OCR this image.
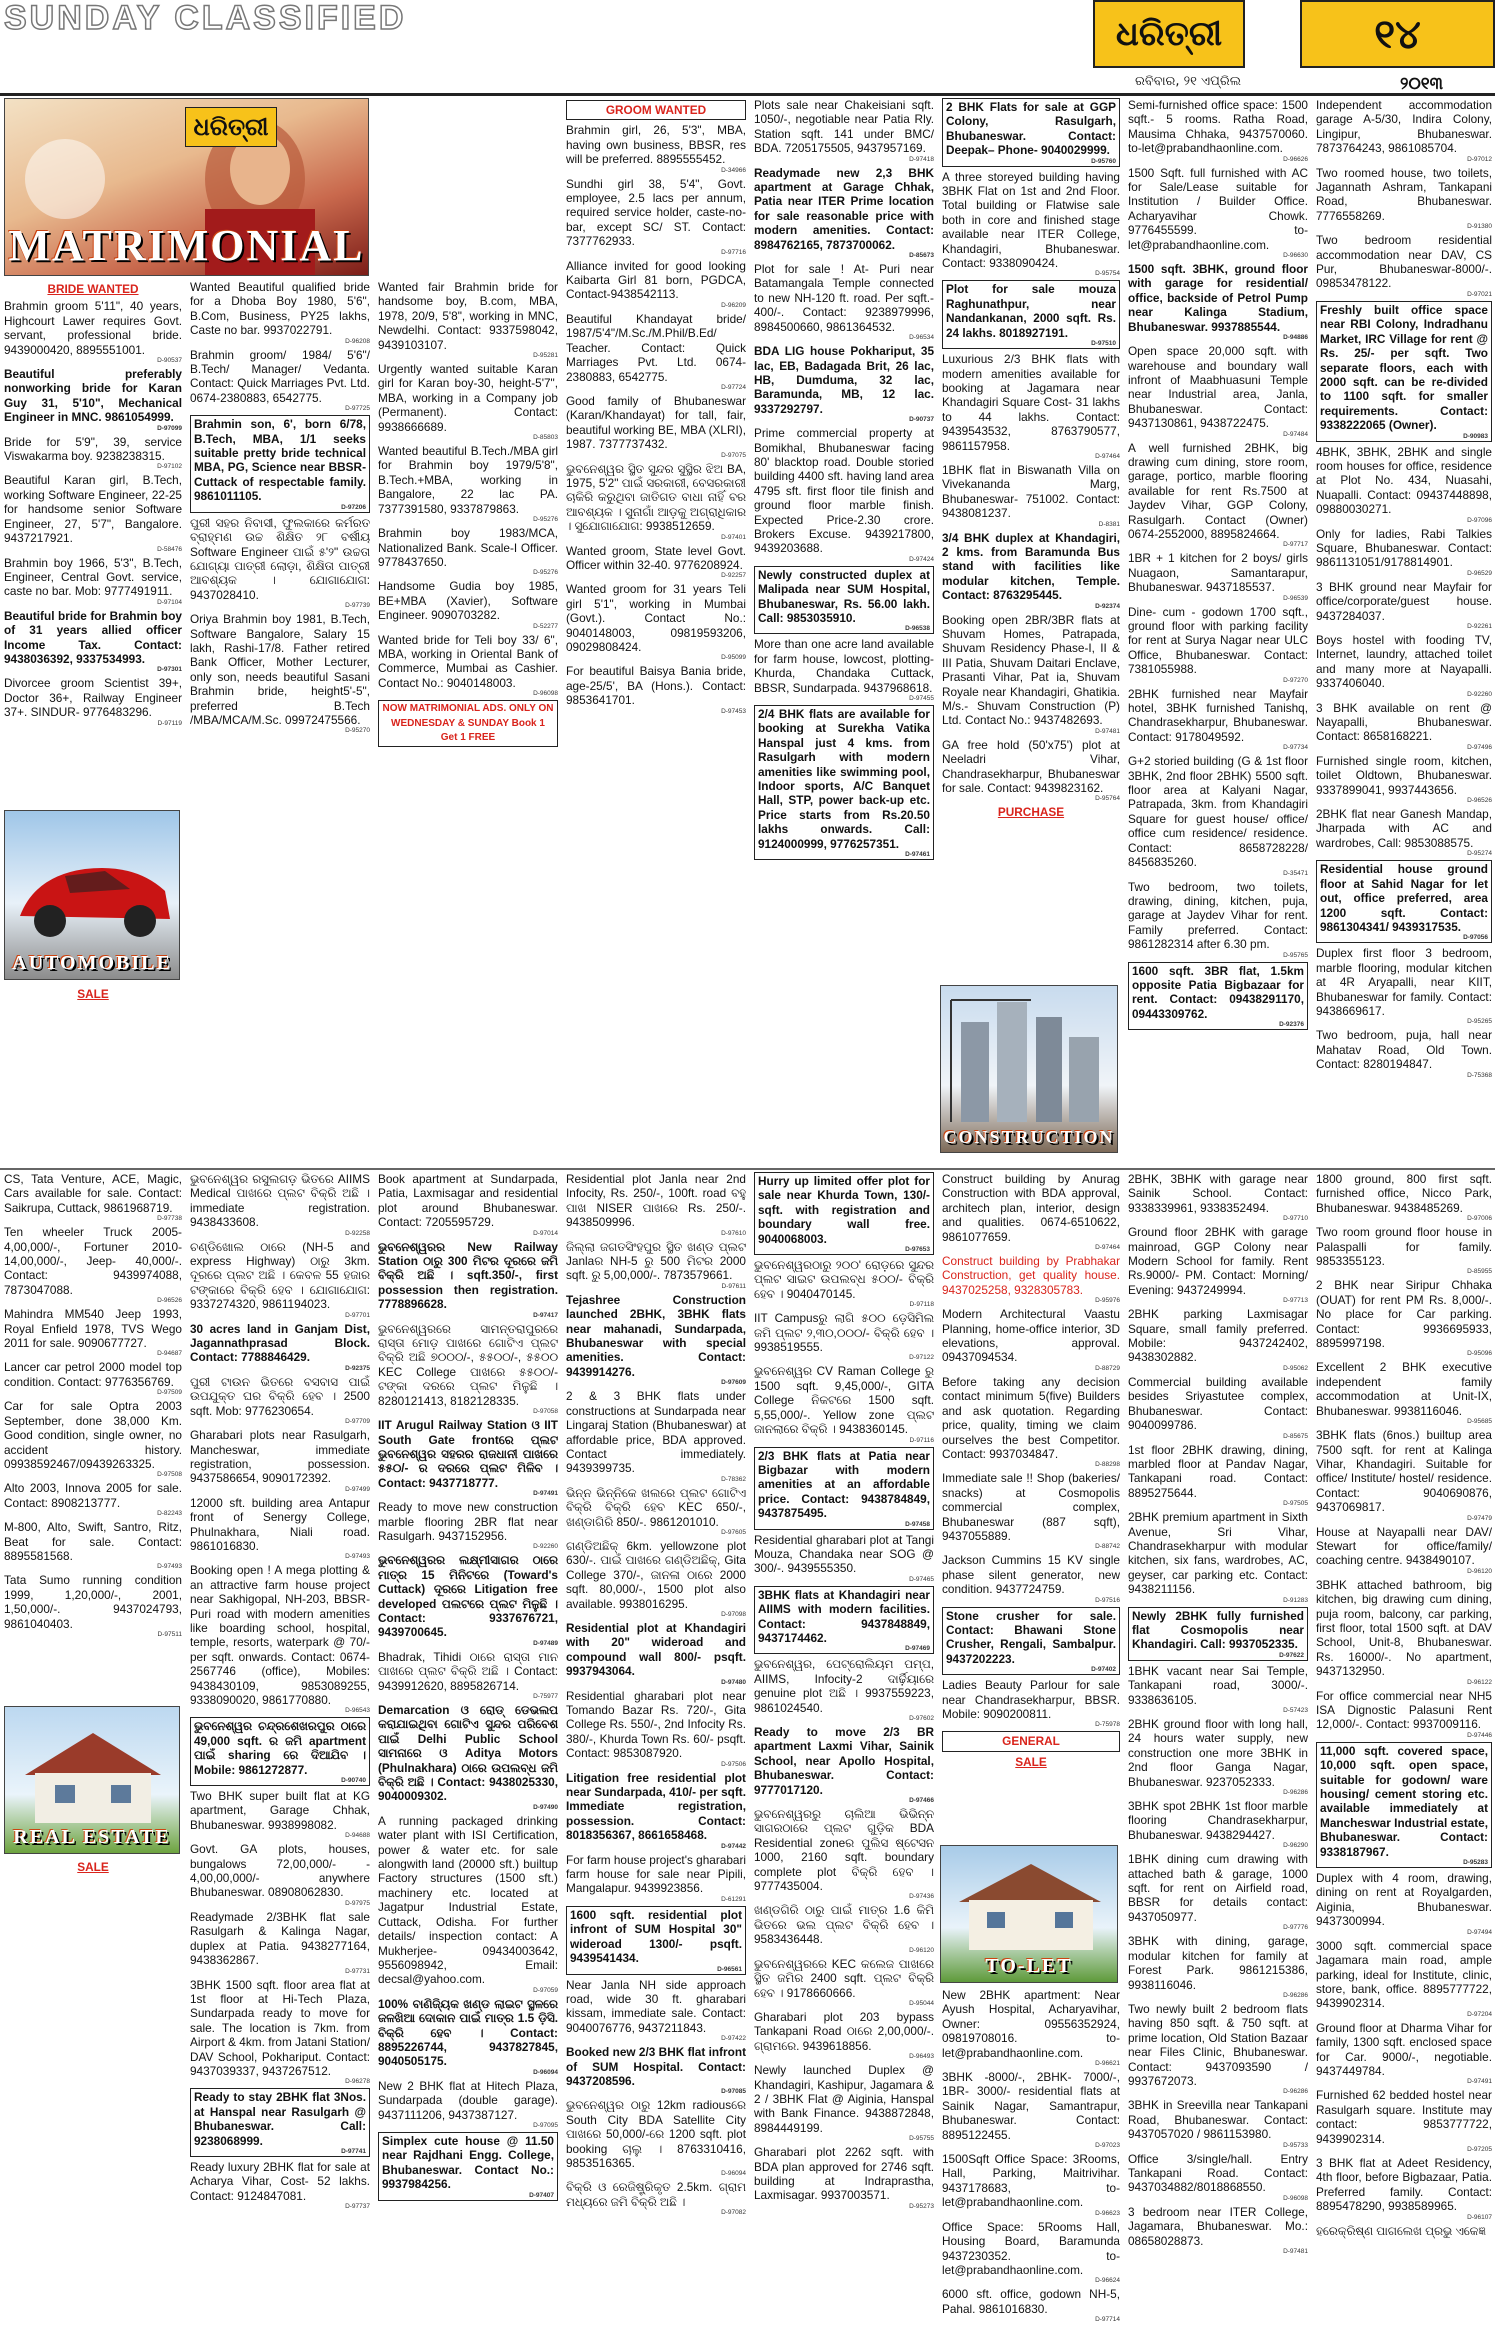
SUNDAY CLASSIFIED	ଧରିତ୍ରୀ	୧୪
ରବିବାର, ୨୧ ଏପ୍ରିଲ	୨୦୧୩
ଧରିତ୍ରୀ
MATRIMONIAL
AUTOMOBILE
REAL ESTATE
CONSTRUCTION
TO-LET
BRIDE WANTED
Brahmin groom 5'11", 40 years, Highcourt Lawer requires Govt. servant, professional bride. 9439000420, 8895551001.
D-90537
Beautiful preferably nonworking bride for Karan Guy 31, 5'10", Mechanical Engineer in MNC. 9861054999.
D-97099
Bride for 5'9", 39, service Viswakarma boy. 9238238315.
D-97102
Beautiful Karan girl, B.Tech, working Software Engineer, 22-25 for handsome senior Software Engineer, 27, 5'7", Bangalore. 9437217921.
D-58476
Brahmin boy 1966, 5'3", B.Tech, Engineer, Central Govt. service, caste no bar. Mob: 9777491911.
D-97104
Beautiful bride for Brahmin boy of 31 years allied officer Income Tax. Contact: 9438036392, 9337534993.
D-97301
Divorcee groom Scientist 39+, Doctor 36+, Railway Engineer 37+. SINDUR- 9776483296.
D-97119
Wanted Beautiful qualified bride for a Dhoba Boy 1980, 5'6", B.Com, Business, PY25 lakhs, Caste no bar. 9937022791.
D-96208
Brahmin groom/ 1984/ 5'6"/ B.Tech/ Manager/ Vedanta. Contact: Quick Marriages Pvt. Ltd. 0674-2380883, 6542775.
D-97725
Brahmin son, 6', born 6/78, B.Tech, MBA, 1/1 seeks suitable pretty bride technical MBA, PG, Science near BBSR-Cuttack of respectable family. 9861011105.
D-97206
ପୁରୀ ସହର ନିବାସୀ, ଫୁଲକାରେ କର୍ମରତ ବ୍ରାହ୍ମଣ ଉଚ୍ଚ ଶିକ୍ଷିତ ୨୮ ବର୍ଷୀୟ Software Engineer ପାଇଁ ୫'୨" ଉଚ୍ଚତା ଯୋଗ୍ୟା ପାତ୍ରୀ ଲୋଡ଼ା, ଶିକ୍ଷିତା ପାତ୍ରୀ ଆବଶ୍ୟକ । ଯୋଗାଯୋଗ: 9437028410.
D-97739
Oriya Brahmin boy 1981, B.Tech, Software Bangalore, Salary 15 lakh, Rashi-17/8. Father retired Bank Officer, Mother Lecturer, only son, needs beautiful Sasani Brahmin bride, height5'-5", preferred B.Tech /MBA/MCA/M.Sc. 09972475566.
D-95270
Wanted fair Brahmin bride for handsome boy, B.com, MBA, 1978, 20/9, 5'8", working in MNC, Newdelhi. Contact: 9337598042, 9439103107.
D-95281
Urgently wanted suitable Karan girl for Karan boy-30, height-5'7", MBA, working in a Company job (Permanent). Contact: 9938666689.
D-85803
Wanted beautiful B.Tech./MBA girl for Brahmin boy 1979/5'8", B.Tech.+MBA, working in Bangalore, 22 lac PA. 7377391580, 9337879863.
D-95276
Brahmin boy 1983/MCA, Nationalized Bank. Scale-I Officer. 9778437650.
D-95276
Handsome Gudia boy 1985, BE+MBA (Xavier), Software Engineer. 9090703282.
D-52277
Wanted bride for Teli boy 33/ 6", MBA, working in Oriental Bank of Commerce, Mumbai as Cashier. Contact No.: 9040148003.
D-96098
NOW MATRIMONIAL ADS. ONLY ON WEDNESDAY & SUNDAY Book 1 Get 1 FREE
GROOM WANTED
Brahmin girl, 26, 5'3", MBA, having own business, BBSR, res will be preferred. 8895555452.
D-34966
Sundhi girl 38, 5'4", Govt. employee, 2.5 lacs per annum, required service holder, caste-no-bar, except SC/ ST. Contact: 7377762933.
D-97716
Alliance invited for good looking Kaibarta Girl 81 born, PGDCA, Contact-9438542113.
D-96209
Beautiful Khandayat bride/ 1987/5'4"/M.Sc./M.Phil/B.Ed/ Teacher. Contact: Quick Marriages Pvt. Ltd. 0674-2380883, 6542775.
D-97724
Good family of Bhubaneswar (Karan/Khandayat) for tall, fair, beautiful working BE, MBA (XLRI), 1987. 7377737432.
D-97075
ଭୁବନେଶ୍ୱର ସ୍ଥିତ ସୁନ୍ଦର ସୁସ୍ଥିର ଝିଅ BA, 1975, 5'2" ପାଇଁ ସରକାରୀ, ବେସରକାରୀ ଚାକିରି କରୁଥିବା ଜାତିଗତ ବାଧା ନାହିଁ ବର ଆବଶ୍ୟକ । ସୁନାଗାଁ ଆଡ଼କୁ ଅଗ୍ରାଧିକାର । ସୁଯୋଗାଯୋଗ: 9938512659.
D-97401
Wanted groom, State level Govt. Officer within 32-40. 9776208924.
D-92257
Wanted groom for 31 years Teli girl 5'1", working in Mumbai (Govt.). Contact No.: 9040148003, 09819593206, 09029808424.
D-95099
For beautiful Baisya Bania bride, age-25/5', BA (Hons.). Contact: 9853641701.
D-97453
Plots sale near Chakeisiani sqft. 1050/-, negotiable near Patia Rly. Station sqft. 141 under BMC/ BDA. 7205175505, 9437957169.
D-97418
Readymade new 2,3 BHK apartment at Garage Chhak, Patia near ITER Prime location for sale reasonable price with modern amenities. Contact: 8984762165, 7873700062.
D-85673
Plot for sale ! At- Puri near Batamangala Temple connected to new NH-120 ft. road. Per sqft.- 400/-. Contact: 9238979996, 8984500660, 9861364532.
D-96534
BDA LIG house Pokhariput, 35 lac, EB, Badagada Brit, 26 lac, HB, Dumduma, 32 lac, Baramunda, MB, 12 lac. 9337292797.
D-90737
Prime commercial property at Bomikhal, Bhubaneswar facing 80' blacktop road. Double storied building 4400 sft. having land area 4795 sft. first floor tile finish and ground floor marble finish. Expected Price-2.30 crore. Brokers Excuse. 9439217800, 9439203688.
D-97424
Newly constructed duplex at Malipada near SUM Hospital, Bhubaneswar, Rs. 56.00 lakh. Call: 9853035910.
D-96538
More than one acre land available for farm house, lowcost, plotting- Khurda, Chandaka Cuttack, BBSR, Sundarpada. 9437968618.
D-97455
2/4 BHK flats are available for booking at Surekha Vatika Hanspal just 4 kms. from Rasulgarh with modern amenities like swimming pool, Indoor sports, A/C Banquet Hall, STP, power back-up etc. Price starts from Rs.20.50 lakhs onwards. Call: 9124000999, 9776257351.
D-97461
2 BHK Flats for sale at GGP Colony, Rasulgarh, Bhubaneswar. Contact: Deepak– Phone- 9040029999.
D-95760
A three storeyed building having 3BHK Flat on 1st and 2nd Floor. Total building or Flatwise sale both in core and finished stage available near ITER College, Khandagiri, Bhubaneswar. Contact: 9338090424.
D-95754
Plot for sale mouza Raghunathpur, near Nandankanan, 2000 sqft. Rs. 24 lakhs. 8018927191.
D-97510
Luxurious 2/3 BHK flats with modern amenities available for booking at Jagamara near Khandagiri Square Cost- 31 lakhs to 44 lakhs. Contact: 9439543532, 8763790577, 9861157958.
D-97464
1BHK flat in Biswanath Villa on Vivekananda Marg, Bhubaneswar- 751002. Contact: 9438081237.
D-8381
3/4 BHK duplex at Khandagiri, 2 kms. from Baramunda Bus stand with facilities like modular kitchen, Temple. Contact: 8763295445.
D-92374
Booking open 2BR/3BR flats at Shuvam Homes, Patrapada, Shuvam Residency Phase-I, II & III Patia, Shuvam Daitari Enclave, Prasanti Vihar, Pat ia, Shuvam Royale near Khandagiri, Ghatikia. M/s.- Shuvam Construction (P) Ltd. Contact No.: 9437482693.
D-97481
GA free hold (50'x75') plot at Neeladri Vihar, Chandrasekharpur, Bhubaneswar for sale. Contact: 9439823162.
D-95764
PURCHASE
Semi-furnished office space: 1500 sqft.- 5 rooms. Ratha Road, Mausima Chhaka, 9437570060. to-let@prabandhaonline.com.
D-96626
1500 Sqft. full furnished with AC for Sale/Lease suitable for Institution / Builder Office. Acharyavihar Chowk. 9776455599. to-let@prabandhaonline.com.
D-96630
1500 sqft. 3BHK, ground floor with garage for residential/ office, backside of Petrol Pump near Kalinga Stadium, Bhubaneswar. 9937885544.
D-94886
Open space 20,000 sqft. with warehouse and boundary wall infront of Maabhuasuni Temple near Industrial area, Janla, Bhubaneswar. Contact: 9437130861, 9438722475.
D-97484
A well furnished 2BHK, big drawing cum dining, store room, garage, portico, marble flooring available for rent Rs.7500 at Jaydev Vihar, GGP Colony, Rasulgarh. Contact (Owner) 0674-2552000, 8895824664.
D-97717
1BR + 1 kitchen for 2 boys/ girls Nuagaon, Samantarapur, Bhubaneswar. 9437185537.
D-96539
Dine- cum - godown 1700 sqft., ground floor with parking facility for rent at Surya Nagar near ULC Office, Bhubaneswar. Contact: 7381055988.
D-97270
2BHK furnished near Mayfair hotel, 3BHK furnished Tanishq, Chandrasekharpur, Bhubaneswar. Contact: 9178049592.
D-97734
G+2 storied building (G & 1st floor 3BHK, 2nd floor 2BHK) 5500 sqft. floor area at Kalyani Nagar, Patrapada, 3km. from Khandagiri Square for guest house/ office/ office cum residence/ residence. Contact: 8658728228/ 8456835260.
D-35471
Two bedroom, two toilets, drawing, dining, kitchen, puja, garage at Jaydev Vihar for rent. Family preferred. Contact: 9861282314 after 6.30 pm.
D-95765
1600 sqft. 3BR flat, 1.5km opposite Patia Bigbazaar for rent. Contact: 09438291170, 09443309762.
D-92376
Independent accommodation garage A-5/30, Indira Colony, Lingipur, Bhubaneswar. 7873764243, 9861085704.
D-97012
Two roomed house, two toilets, Jagannath Ashram, Tankapani Road, Bhubaneswar. 7776558269.
D-91380
Two bedroom residential accommodation near DAV, CS Pur, Bhubaneswar-8000/-. 09853478122.
D-97021
Freshly built office space near RBI Colony, Indradhanu Market, IRC Village for rent @ Rs. 25/- per sqft. Two separate floors, each with 2000 sqft. can be re-divided to 1100 sqft. for smaller requirements. Contact: 9338222065 (Owner).
D-90983
4BHK, 3BHK, 2BHK and single room houses for office, residence at Plot No. 434, Nuasahi, Nuapalli. Contact: 09437448898, 09880030271.
D-97096
Only for ladies, Rabi Talkies Square, Bhubaneswar. Contact: 9861131051/9178814901.
D-96529
3 BHK ground near Mayfair for office/corporate/guest house. 9437284037.
D-92261
Boys hostel with fooding TV, Internet, laundry, attached toilet and many more at Nayapalli. 9337406040.
D-92260
3 BHK available on rent @ Nayapalli, Bhubaneswar. Contact: 8658168221.
D-97496
Furnished single room, kitchen, toilet Oldtown, Bhubaneswar. 9337899041, 9937443656.
D-96526
2BHK flat near Ganesh Mandap, Jharpada with AC and wardrobes, Call: 9853088575.
D-95274
Residential house ground floor at Sahid Nagar for let out, office preferred, area 1200 sqft. Contact: 9861304341/ 9439317535.
D-97056
Duplex first floor 3 bedroom, marble flooring, modular kitchen at 4R Aryapalli, near KIIT, Bhubaneswar for family. Contact: 9438669617.
D-95265
Two bedroom, puja, hall near Mahatav Road, Old Town. Contact: 8280194847.
D-75368
SALE
ଭୁବନେଶ୍ୱର ରସୁଲଗଡ଼ ଭିତରେ AIIMS Medical ପାଖରେ ପ୍ଲଟ ବିକ୍ରି ଅଛି । immediate registration. 9438433608.
D-92258
ଚଣ୍ଡିଖୋଲ ଠାରେ (NH-5 and express Highway) ଠାରୁ 3km. ଦୂରରେ ପ୍ଲଟ ଅଛି । କେବଳ 55 ହଜାର ଟଙ୍କାରେ ବିକ୍ରି ହେବ । ଯୋଗାଯୋଗ: 9337274320, 9861194023.
D-97701
30 acres land in Ganjam Dist, Jagannathprasad Block. Contact: 7788846429.
D-92375
ପୁରୀ ଟାଉନ ଭିତରେ ବସବାସ ପାଇଁ ଉପଯୁକ୍ତ ଘର ବିକ୍ରି ହେବ । 2500 sqft. Mob: 9776230654.
D-97709
Gharabari plots near Rasulgarh, Mancheswar, immediate registration, possession. 9437586654, 9090172392.
D-97499
12000 sft. building area Antapur front of Senergy College, Phulnakhara, Niali road. 9861016830.
D-97493
Booking open ! A mega plotting & an attractive farm house project near Sakhigopal, NH-203, BBSR-Puri road with modern amenities like boarding school, hospital, temple, resorts, waterpark @ 70/- per sqft. onwards. Contact: 0674-2567746 (office), Mobiles: 9438430109, 9853089255, 9338090020, 9861770880.
D-96543
ଭୁବନେଶ୍ୱର ଚନ୍ଦ୍ରଶେଖରପୁର ଠାରେ 49,000 sqft. ର ଜମି apartment ପାଇଁ sharing ରେ ଦିଆଯିବ । Mobile: 9861272877.
D-90740
Two BHK super built flat at KG apartment, Garage Chhak, Bhubaneswar. 9938998082.
D-94688
Govt. GA plots, houses, bungalows 72,00,000/- - 4,00,00,000/- anywhere Bhubaneswar. 08908062830.
D-97975
Readymade 2/3BHK flat sale Rasulgarh & Kalinga Nagar, duplex at Patia. 9438277164, 9438362867.
D-97731
3BHK 1500 sqft. floor area flat at 1st floor at Hi-Tech Plaza, Sundarpada ready to move for sale. The location is 7km. from Airport & 4km. from Jatani Station/ DAV School, Pokhariput. Contact: 9437039337, 9437267512.
D-96278
Ready to stay 2BHK flat 3Nos. at Hanspal near Rasulgarh @ Bhubaneswar. Call: 9238068999.
D-97741
Ready luxury 2BHK flat for sale at Acharya Vihar, Cost- 52 lakhs. Contact: 9124847081.
D-97737
Book apartment at Sundarpada, Patia, Laxmisagar and residential plot around Bhubaneswar. Contact: 7205595729.
D-97014
ଭୁବନେଶ୍ୱରର New Railway Station ଠାରୁ 300 ମିଟର ଦୂରରେ ଜମି ବିକ୍ରି ଅଛି । sqft.350/-, first possession then registration. 7778896628.
D-97417
ଭୁବନେଶ୍ୱରରେ ସାମନ୍ତରାପୁରରେ ରାସ୍ତା ମୋଡ଼ ପାଖରେ ଗୋଟିଏ ପ୍ଲଟ ବିକ୍ରି ଅଛି ୭୦୦୦/-, ୫୫୦୦/-, ୫୫୦୦ KEC College ପାଖରେ ୫୫୦୦/- ଟଙ୍କା ଦରରେ ପ୍ଲଟ ମିଳୁଛି । 8280121413, 8182128335.
D-97058
IIT Arugul Railway Station ଓ IIT South Gate frontରେ ପ୍ଲଟ ଭୁବନେଶ୍ୱର ସହରର ରାଜଧାନୀ ପାଖରେ ୫୫୦/- ର ଦରରେ ପ୍ଲଟ ମିଳିବ । Contact: 9437718777.
D-97491
Ready to move new construction marble flooring 2BR flat near Rasulgarh. 9437152956.
D-92260
ଭୁବନେଶ୍ୱରର ଲକ୍ଷ୍ମୀସାଗର ଠାରେ ମାତ୍ର 15 ମିନିଟରେ (Toward's Cuttack) ଦୂରରେ Litigation free developed ପଲଟରେ ପ୍ଲଟ ମିଳୁଛି । Contact: 9337676721, 9439700645.
D-97489
Bhadrak, Tihidi ଠାରେ ରାସ୍ତା ମାନ ପାଖରେ ପ୍ଲଟ ବିକ୍ରି ଅଛି । Contact: 9439912620, 8895826714.
D-75977
Demarcation ଓ ରୋଡ୍ ଡେଭଲପ କରାଯାଇଥିବା ଗୋଟିଏ ସୁନ୍ଦର ପରିବେଶ ପାଇଁ Delhi Public School ସାମନାରେ ଓ Aditya Motors (Phulnakhara) ଠାରେ ଉପଲବ୍ଧ ଜମି ବିକ୍ରି ଅଛି । Contact: 9438025330, 9040009302.
D-97490
A running packaged drinking water plant with ISI Certification, power & water etc. for sale alongwith land (20000 sft.) builtup Factory structures (1500 sft.) machinery etc. located at Jagatpur Industrial Estate, Cuttack, Odisha. For further details/ inspection contact: A Mukherjee- 09434003642, 9556098942, Email: decsal@yahoo.com.
D-97059
100% ବାଣିଜ୍ୟିକ ଖଣ୍ଡ ଲାଇଟ ସ୍ଥଳରେ ଜଳଖିଆ ଦୋକାନ ପାଇଁ ମାତ୍ର 1.5 ଡ଼ିସି. ବିକ୍ରି ହେବ । Contact: 8895226744, 9437827845, 9040505175.
D-96094
New 2 BHK flat at Hitech Plaza, Sundarpada (double garage). 9437111206, 9437387127.
D-97095
Simplex cute house @ 11.50 near Rajdhani Engg. College, Bhubaneswar. Contact No.: 9937984256.
D-97407
Residential plot Janla near 2nd Infocity, Rs. 250/-, 100ft. road ବହୁ ପାଖ NISER ପାଖରେ Rs. 250/-. 9438509996.
D-97610
ଜିଲ୍ଲା ଜଗତସିଂହପୁର ସ୍ଥିତ ଖଣ୍ଡ ପ୍ଲଟ Janlaର NH-5 ରୁ 500 ମିଟର 2000 sqft. ରୁ 5,00,000/-. 7873579661.
D-97611
Tejashree Construction launched 2BHK, 3BHK flats near mahanadi, Sundarpada, Bhubaneswar with special amenities. Contact: 9439914276.
D-97609
2 & 3 BHK flats under constructions at Sundarpada near Lingaraj Station (Bhubaneswar) at affordable price, BDA approved. Contact immediately. 9439399735.
D-78362
ଭିନ୍ନ ଭିନ୍ନିକେ ଖଲରେ ପ୍ଲଟ ଗୋଟିଏ ବିକ୍ରି ବିକ୍ରି ହେବ KEC 650/-, ଖଣ୍ଡାଗିରି 850/-. 9861201010.
D-97605
ଗଣ୍ଡିଅଛିକ୍ 6km. yellowzone plot 630/-. ପାଇଁ ପାଖରେ ଗଣ୍ଡିଅଛିକ୍, Gita College 370/-, ଜାନଳା ଠାରେ 2000 sqft. 80,000/-, 1500 plot also available. 9938016295.
D-97098
Residential plot at Khandagiri with 20" wideroad and compound wall 800/- psqft. 9937943064.
D-97480
Residential gharabari plot near Tomando Bazar Rs. 720/-, Gita College Rs. 550/-, 2nd Infocity Rs. 380/-, Khurda Town Rs. 60/- psqft. Contact: 9853087920.
D-97506
Litigation free residential plot near Sundarpada, 410/- per sqft. Immediate registration, possession. Contact: 8018356367, 8661658468.
D-97442
For farm house project's gharabari farm house for sale near Pipili, Mangalapur. 9439923856.
D-61291
1600 sqft. residential plot infront of SUM Hospital 30" wideroad 1300/- psqft. 9439541434.
D-96561
Near Janla NH side approach road, wide 30 ft. gharabari kissam, immediate sale. Contact: 9040076776, 9437211843.
D-97422
Booked new 2/3 BHK flat infront of SUM Hospital. Contact: 9437208596.
D-97085
ଭୁବନେଶ୍ୱର ଠାରୁ 12km radiousରେ South City BDA Satellite City ପାଖରେ 50,000/-ରେ 1200 sqft. plot booking ଚାଲୁ । 8763310416, 9853516365.
D-96094
ବିକ୍ରି ଓ ରେଜିଷ୍ଟ୍ରିକୃତ 2.5km. ଗ୍ରାମ ମଧ୍ୟରେ ଜମି ବିକ୍ରି ଅଛି ।
D-97082
Hurry up limited offer plot for sale near Khurda Town, 130/- sqft. with registration and boundary wall free. 9040068003.
D-97653
ଭୁବନେଶ୍ୱରଠାରୁ ୨୦୦' ରୋଡ଼ରେ ସୁନ୍ଦର ପ୍ଲଟ ସାଇଟ ଉପଲବ୍ଧ ୫୦୦/- ବିକ୍ରି ହେବ । 9040470145.
D-97118
IIT Campusରୁ ଲାଗି ୫୦୦ ଡ଼େସିମିଲ ଜମି ପ୍ଲଟ ୨,୩୦,୦୦୦/- ବିକ୍ରି ହେବ । 9938519555.
D-97122
ଭୁବନେଶ୍ୱର CV Raman College ରୁ 1500 sqft. 9,45,000/-, GITA College ନିକଟରେ 1500 sqft. 5,55,000/-. Yellow zone ପ୍ଲଟ ଜାନଲାରେ ବିକ୍ରି । 9438360145.
D-97116
2/3 BHK flats at Patia near Bigbazar with modern amenities at an affordable price. Contact: 9438784849, 9437875495.
D-97458
Residential gharabari plot at Tangi Mouza, Chandaka near SOG @ 300/-. 9439555350.
D-97465
3BHK flats at Khandagiri near AIIMS with modern facilities. Contact: 9437848849, 9437174462.
D-97469
ଭୁବନେଶ୍ୱର, ପେଟ୍ରୋଲିୟମ ପମ୍ପ, AIIMS, Infocity-2 ଦାର୍ଢ଼ିୟାରେ genuine plot ଅଛି । 9937559223, 9861024540.
D-97602
Ready to move 2/3 BR apartment Laxmi Vihar, Sainik School, near Apollo Hospital, Bhubaneswar. Contact: 9777017120.
D-97466
ଭୁବନେଶ୍ୱରରୁ ଚାଲିଆ ଭିଭିନ୍ନ ସାଗରଠାରେ ପ୍ଲଟ ଗୁଡ଼ିକ BDA Residential zoneର ପୁଲିସ ଷ୍ଟେସନ 1000, 2160 sqft. boundary complete plot ବିକ୍ରି ହେବ । 9777435004.
D-97436
ଖଣ୍ଡଗିରି ଠାରୁ ପାଇଁ ମାତ୍ର 1.6 କିମି ଭିତରେ ଭଲ ପ୍ଲଟ ବିକ୍ରି ହେବ । 9583436448.
D-96120
ଭୁବନେଶ୍ୱରରେ KEC କଲେଜ ପାଖରେ ସ୍ଥିତ ଜମିର 2400 sqft. ପ୍ଲଟ ବିକ୍ରି ହେବ । 9178660666.
D-95044
Gharabari plot 203 bypass Tankapani Road ଠାରେ 2,00,000/-. ଗ୍ରାମରେ. 9439618856.
D-96493
Newly launched Duplex @ Khandagiri, Kashipur, Jagamara & 2 / 3BHK Flat @ Aiginia, Hanspal with Bank Finance. 9438872848, 8984449199.
D-95755
Gharabari plot 2262 sqft. with BDA plan approved for 2746 sqft. building at Indraprastha, Laxmisagar. 9937003571.
D-95273
Construct building by Anurag Construction with BDA approval, architech plan, interior, design and qualities. 0674-6510622, 9861077659.
D-97464
Construct building by Prabhakar Construction, get quality house. 9437025258, 9328305783.
D-95976
Modern Architectural Vaastu Planning, home-office interior, 3D elevations, approval. 09437094534.
D-88729
Before taking any decision contact minimum 5(five) Builders and ask quotation. Regarding price, quality, timing we claim ourselves the best Competitor. Contact: 9937034847.
D-88298
Immediate sale !! Shop (bakeries/ snacks) at Cosmopolis commercial complex, Bhubaneswar (887 sqft), 9437055889.
D-88742
Jackson Cummins 15 KV single phase silent generator, new condition. 9437724759.
D-97516
Stone crusher for sale. Contact: Bhawani Stone Crusher, Rengali, Sambalpur. 9437202223.
D-97402
Ladies Beauty Parlour for sale near Chandrasekharpur, BBSR. Mobile: 9090200811.
D-75978
GENERAL
SALE
New 2BHK apartment: Near Ayush Hospital, Acharyavihar, Owner: 09556352924, 09819708016. to-let@prabandhaonline.com.
D-96621
3BHK -8000/-, 2BHK- 7000/-, 1BR- 3000/- residential flats at Sainik Nagar, Samantrapur, Bhubaneswar. Contact: 8895122455.
D-97023
1500Sqft Office Space: 3Rooms, Hall, Parking, Maitrivihar. 9437178683, to-let@prabandhaonline.com.
D-96623
Office Space: 5Rooms Hall, Housing Board, Baramunda 9437230352. to-let@prabandhaonline.com.
D-96624
6000 sft. office, godown NH-5, Pahal. 9861016830.
D-97714
2BHK, 3BHK with garage near Sainik School. Contact: 9338339961, 9338352494.
D-97710
Ground floor 2BHK with garage mainroad, GGP Colony near Modern School for family. Rent Rs.9000/- PM. Contact: Morning/ Evening: 9437249994.
D-97713
2BHK parking Laxmisagar Square, small family preferred. Mobile: 9437242402, 9438302882.
D-95062
Commercial building available besides Sriyastutee complex, Bhubaneswar. Contact: 9040099786.
D-85675
1st floor 2BHK drawing, dining, marbled floor at Pandav Nagar, Tankapani road. Contact: 8895275644.
D-97505
2BHK premium apartment in Sixth Avenue, Sri Vihar, Chandrasekharpur with modular kitchen, six fans, wardrobes, AC, geyser, car parking etc. Contact: 9438211156.
D-91283
Newly 2BHK fully furnished flat Cosmopolis near Khandagiri. Call: 9937052335.
D-97622
1BHK vacant near Sai Temple, Tankapani road, 3000/-. 9338636105.
D-57423
2BHK ground floor with long hall, 24 hours water supply, new construction one more 3BHK in 2nd floor Ganga Nagar, Bhubaneswar. 9237052333.
D-96286
3BHK spot 2BHK 1st floor marble flooring Chandrasekharpur, Bhubaneswar. 9438294427.
D-96290
1BHK dining cum drawing with attached bath & garage, 1000 sqft. for rent on Airfield road, BBSR for details contact: 9437050977.
D-97776
3BHK with dining, garage, modular kitchen for family at Forest Park. 9861215386, 9938116046.
D-96286
Two newly built 2 bedroom flats having 850 sqft. & 750 sqft. at prime location, Old Station Bazaar near Files Clinic, Bhubaneswar. Contact: 9437093590 / 9937672073.
D-96286
3BHK in Sreevilla near Tankapani Road, Bhubaneswar. Contact: 9437057020 / 9861153980.
D-95733
Office 3/single/hall. Entry Tankapani Road. Contact: 9437034882/8018868550.
D-96098
3 bedroom near ITER College, Jagamara, Bhubaneswar. Mo.: 08658028873.
D-97481
1800 ground, 800 first sqft. furnished office, Nicco Park, Bhubaneswar. 9438485269.
D-97006
Two room ground floor house in Palaspalli for family. 9853355123.
D-85955
2 BHK near Siripur Chhaka (OUAT) for rent PM Rs. 8,000/-. No place for Car parking. Contact: 9936695933, 8895997198.
D-95096
Excellent 2 BHK executive independent family accommodation at Unit-IX, Bhubaneswar. 9938116046.
D-95685
3BHK flats (6nos.) builtup area 7500 sqft. for rent at Kalinga Vihar, Khandagiri. Suitable for office/ Institute/ hostel/ residence. Contact: 9040690876, 9437069817.
D-97479
House at Nayapalli near DAV/ Stewart for office/family/ coaching centre. 9438490107.
D-96120
3BHK attached bathroom, big kitchen, big drawing cum dining, puja room, balcony, car parking, first floor, total 1500 sqft. at DAV School, Unit-8, Bhubaneswar. Rs. 16000/-. No apartment, 9437132950.
D-96122
For office commercial near NH5 ISA Dignostic Palasuni Rent 12,000/-. Contact: 9937009116.
D-97446
11,000 sqft. covered space, 10,000 sqft. open space, suitable for godown/ ware housing/ cement storing etc. available immediately at Mancheswar Industrial estate, Bhubaneswar. Contact: 9338187967.
D-95283
Duplex with 4 room, drawing, dining on rent at Royalgarden, Aiginia, Bhubaneswar. 9437300994.
D-97494
3000 sqft. commercial space Jagamara main road, ample parking, ideal for Institute, clinic, store, bank, office. 8895777722, 9439902314.
D-97204
Ground floor at Dharma Vihar for family, 1300 sqft. enclosed space for Car. 9000/-, negotiable. 9437449784.
D-97491
Furnished 62 bedded hostel near Rasulgarh square. Institute may contact: 9853777722, 9439902314.
D-97205
3 BHK flat at Adeet Residency, 4th floor, before Bigbazaar, Patia. Preferred family. Contact: 8895478290, 9938589965.
D-96107
ହରେକ୍ରିଷ୍ଣ ପାଗଲେଖ ପ୍ରଭୁ ଏକେଜ୍ଞ
CS, Tata Venture, ACE, Magic, Cars available for sale. Contact: Saikrupa, Cuttack, 9861968719.
D-97738
Ten wheeler Truck 2005- 4,00,000/-, Fortuner 2010- 14,00,000/-, Jeep- 40,000/-. Contact: 9439974088, 7873047088.
D-96526
Mahindra MM540 Jeep 1993, Royal Enfield 1978, TVS Wego 2011 for sale. 9090677727.
D-94687
Lancer car petrol 2000 model top condition. Contact: 9776356769.
D-97509
Car for sale Optra 2003 September, done 38,000 Km. Good condition, single owner, no accident history. 09938592467/09439263325.
D-97508
Alto 2003, Innova 2005 for sale. Contact: 8908213777.
D-82243
M-800, Alto, Swift, Santro, Ritz, Beat for sale. Contact: 8895581568.
D-97493
Tata Sumo running condition 1999, 1,20,000/-, 2001, 1,50,000/-. 9437024793, 9861040403.
D-97511
SALE
